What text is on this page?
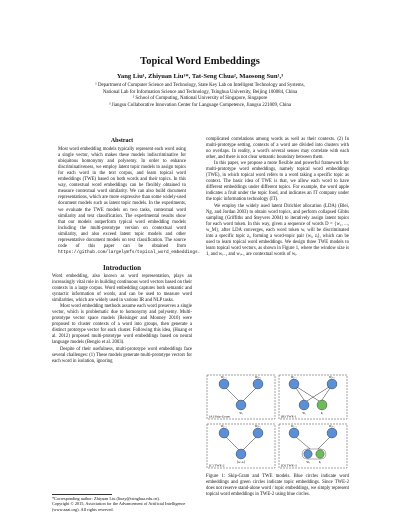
Topical Word Embeddings
Yang Liu¹, Zhiyuan Liu¹*, Tat-Seng Chua², Maosong Sun¹,³
¹ Department of Computer Science and Technology, State Key Lab on Intelligent Technology and Systems,
National Lab for Information Science and Technology, Tsinghua University, Beijing 100084, China
² School of Computing, National University of Singapore, Singapore
³ Jiangsu Collaborative Innovation Center for Language Competence, Jiangsu 221009, China
Abstract
Most word embedding models typically represent each word using a single vector, which makes these models indiscriminative for ubiquitous homonymy and polysemy. In order to enhance discriminativeness, we employ latent topic models to assign topics for each word in the text corpus, and learn topical word embeddings (TWE) based on both words and their topics. In this way, contextual word embeddings can be flexibly obtained to measure contextual word similarity. We can also build document representations, which are more expressive than some widely-used document models such as latent topic models. In the experiments, we evaluate the TWE models on two tasks, contextual word similarity and text classification. The experimental results show that our models outperform typical word embedding models including the multi-prototype version on contextual word similarity, and also exceed latent topic models and other representative document models on text classification. The source code of this paper can be obtained from https://github.com/largelymfs/topical_word_embeddings.
Introduction

Word embedding, also known as word representation, plays an increasingly vital role in building continuous word vectors based on their contexts in a large corpus. Word embedding captures both semantic and syntactic information of words, and can be used to measure word similarities, which are widely used in various IR and NLP tasks.

Most word embedding methods assume each word preserves a single vector, which is problematic due to homonymy and polysemy. Multi-prototype vector space models (Reisinger and Mooney 2010) were proposed to cluster contexts of a word into groups, then generate a distinct prototype vector for each cluster. Following this idea, (Huang et al. 2012) proposed multi-prototype word embeddings based on neural language models (Bengio et al. 2003).

Despite of their usefulness, multi-prototype word embeddings face several challenges: (1) These models generate multi-prototype vectors for each word in isolation, ignoring

*Corresponding author: Zhiyuan Liu (liuzy@tsinghua.edu.cn).
Copyright © 2015, Association for the Advancement of Artificial Intelligence (www.aaai.org). All rights reserved.

complicated correlations among words as well as their contexts. (2) In multi-prototype setting, contexts of a word are divided into clusters with no overlaps. In reality, a word's several senses may correlate with each other, and there is not clear semantic boundary between them.

In this paper, we propose a more flexible and powerful framework for multi-prototype word embeddings, namely topical word embeddings (TWE), in which topical word refers to a word taking a specific topic as context. The basic idea of TWE is that, we allow each word to have different embeddings under different topics. For example, the word apple indicates a fruit under the topic food, and indicates an IT company under the topic information technology (IT).

We employ the widely used latent Dirichlet allocation (LDA) (Blei, Ng, and Jordan 2003) to obtain word topics, and perform collapsed Gibbs sampling (Griffiths and Steyvers 2004) to iteratively assign latent topics for each word token. In this way, given a sequence of words D = {w₁, ..., w_M}, after LDA converges, each word token wᵢ will be discriminated into a specific topic zᵢ, forming a word-topic pair ⟨wᵢ, zᵢ⟩, which can be used to learn topical word embeddings. We design three TWE models to learn topical word vectors, as shown in Figure 1, where the window size is 1, and wᵢ₋₁ and wᵢ₊₁ are contextual words of wᵢ.

wᵢ₋₁	wᵢ₊₁
wᵢ
(A) Skip-Gram
wᵢ₋₁	wᵢ₊₁
wᵢ	zᵢ
(B) TWE-1
wᵢ₋₁	wᵢ₊₁
⟨wᵢ,zᵢ⟩
(C) TWE-2
wᵢ₋₁	wᵢ₊₁
wᵢ	zᵢ
(D) TWE-3
Figure 1: Skip-Gram and TWE models. Blue circles indicate word embeddings and green circles indicate topic embeddings. Since TWE-2 does not reserve stand-alone word / topic embeddings, we simply represent topical word embeddings in TWE-2 using blue circles.
